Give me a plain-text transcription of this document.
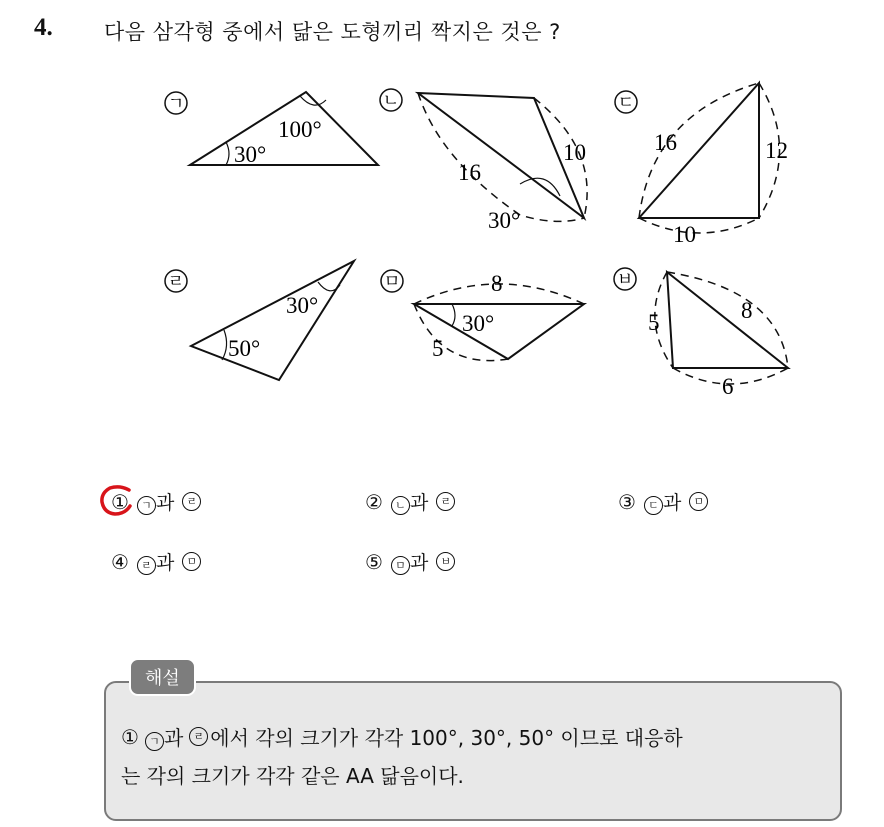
4. 다음 삼각형 중에서 닮은 도형끼리 짝지은 것은 ?
ㄱ
30°
100°
ㄴ
16
10
30°
ㄷ
16	12
10
ㄹ
50°
30°
ㅁ	8
30°
5
ㅂ
5	8
6
①	ㄱ 과	ㄹ	②	ㄴ 과	ㄹ	③	ㄷ 과	ㅁ
④	ㄹ 과	ㅁ	⑤	ㅁ 과	ㅂ
해설
① ㄱ 과 ㄹ 에서 각의 크기가 각각 100°, 30°, 50° 이므로 대응하
는 각의 크기가 각각 같은 AA 닮음이다.
